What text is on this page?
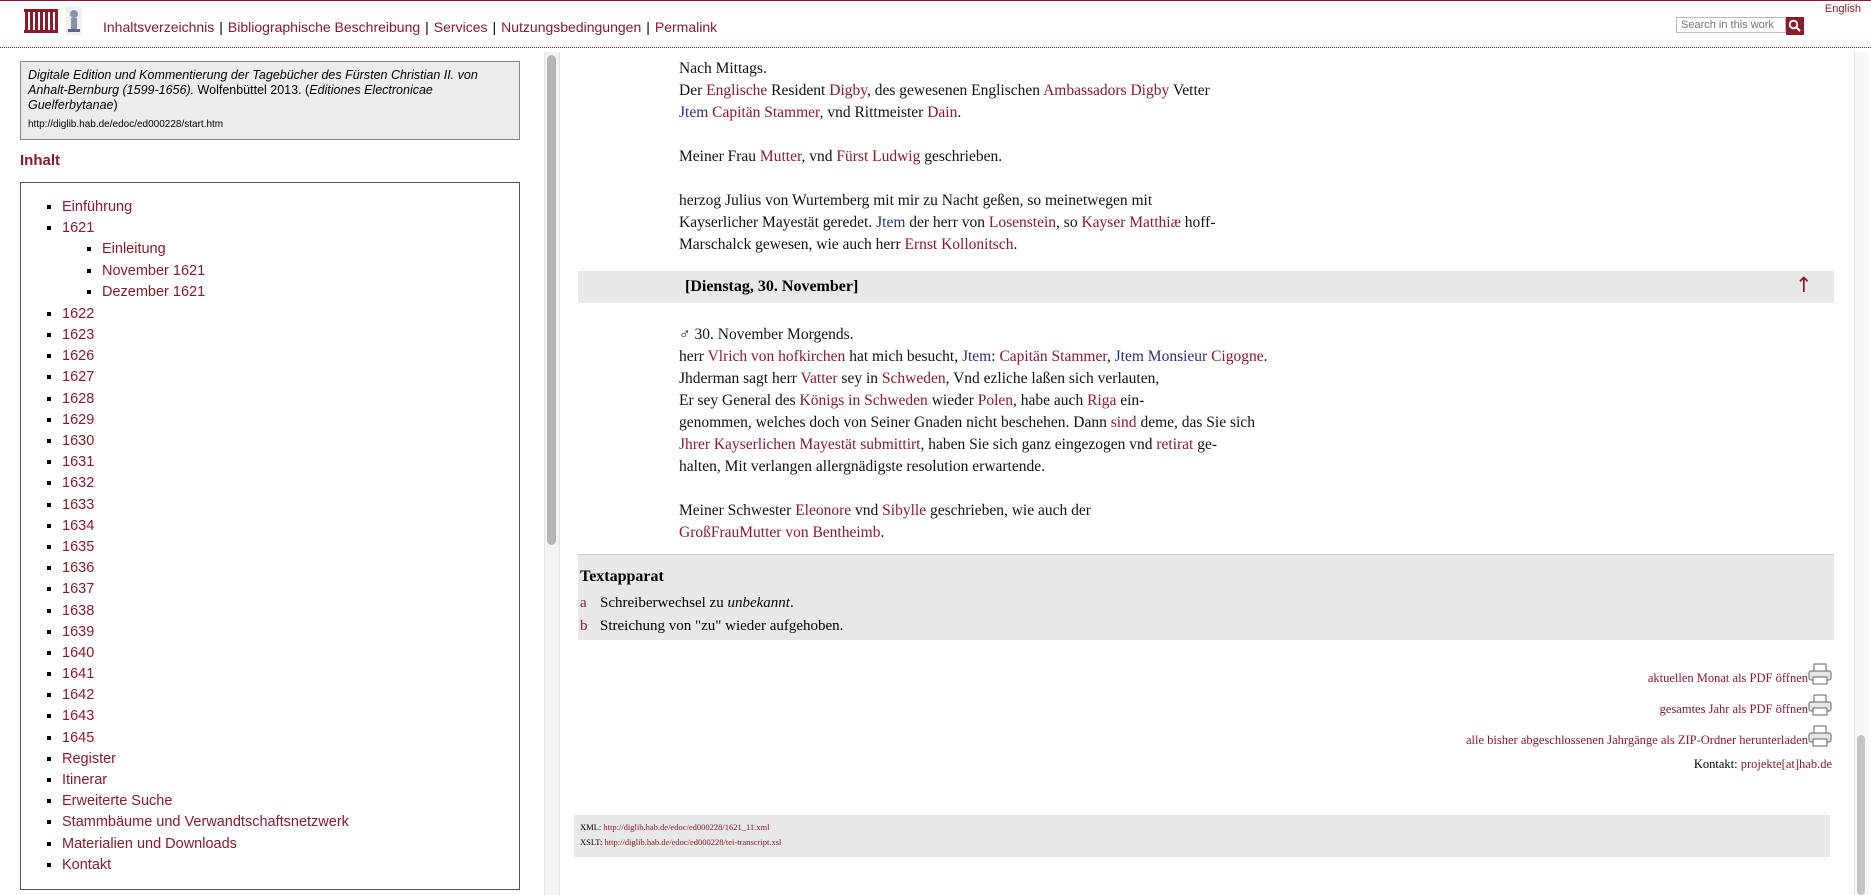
Inhaltsverzeichnis | Bibliographische Beschreibung | Services | Nutzungsbedingungen | Permalink
English
Search in this work
Digitale Edition und Kommentierung der Tagebücher des Fürsten Christian II. von Anhalt-Bernburg (1599-1656). Wolfenbüttel 2013. (Editiones Electronicae Guelferbytanae)
http://diglib.hab.de/edoc/ed000228/start.htm
Inhalt
▪ Einführung
▪ 1621
▪ Einleitung
▪ November 1621
▪ Dezember 1621
▪ 1622
▪ 1623
▪ 1626
▪ 1627
▪ 1628
▪ 1629
▪ 1630
▪ 1631
▪ 1632
▪ 1633
▪ 1634
▪ 1635
▪ 1636
▪ 1637
▪ 1638
▪ 1639
▪ 1640
▪ 1641
▪ 1642
▪ 1643
▪ 1645
▪ Register
▪ Itinerar
▪ Erweiterte Suche
▪ Stammbäume und Verwandtschaftsnetzwerk
▪ Materialien und Downloads
▪ Kontakt
Nach Mittags.
Der Englische Resident Digby, des gewesenen Englischen Ambassadors Digby Vetter
Jtem Capitän Stammer, vnd Rittmeister Dain.
Meiner Frau Mutter, vnd Fürst Ludwig geschrieben.
herzog Julius von Wurtemberg mit mir zu Nacht geßen, so meinetwegen mit
Kayserlicher Mayestät geredet. Jtem der herr von Losenstein, so Kayser Matthiæ hoff-
Marschalck gewesen, wie auch herr Ernst Kollonitsch.
[Dienstag, 30. November]	↑
♂ 30. November Morgends.
herr Vlrich von hofkirchen hat mich besucht, Jtem: Capitän Stammer, Jtem Monsieur Cigogne.
Jhderman sagt herr Vatter sey in Schweden, Vnd ezliche laßen sich verlauten,
Er sey General des Königs in Schweden wieder Polen, habe auch Riga ein-
genommen, welches doch von Seiner Gnaden nicht beschehen. Dann sind deme, das Sie sich
Jhrer Kayserlichen Mayestät submittirt, haben Sie sich ganz eingezogen vnd retirat ge-
halten, Mit verlangen allergnädigste resolution erwartende.
Meiner Schwester Eleonore vnd Sibylle geschrieben, wie auch der
GroßFrauMutter von Bentheimb.
Textapparat
a Schreiberwechsel zu unbekannt.
b Streichung von "zu" wieder aufgehoben.
aktuellen Monat als PDF öffnen
gesamtes Jahr als PDF öffnen
alle bisher abgeschlossenen Jahrgänge als ZIP-Ordner herunterladen
Kontakt: projekte[at]hab.de
XML: http://diglib.hab.de/edoc/ed000228/1621_11.xml
XSLT: http://diglib.hab.de/edoc/ed000228/tei-transcript.xsl
